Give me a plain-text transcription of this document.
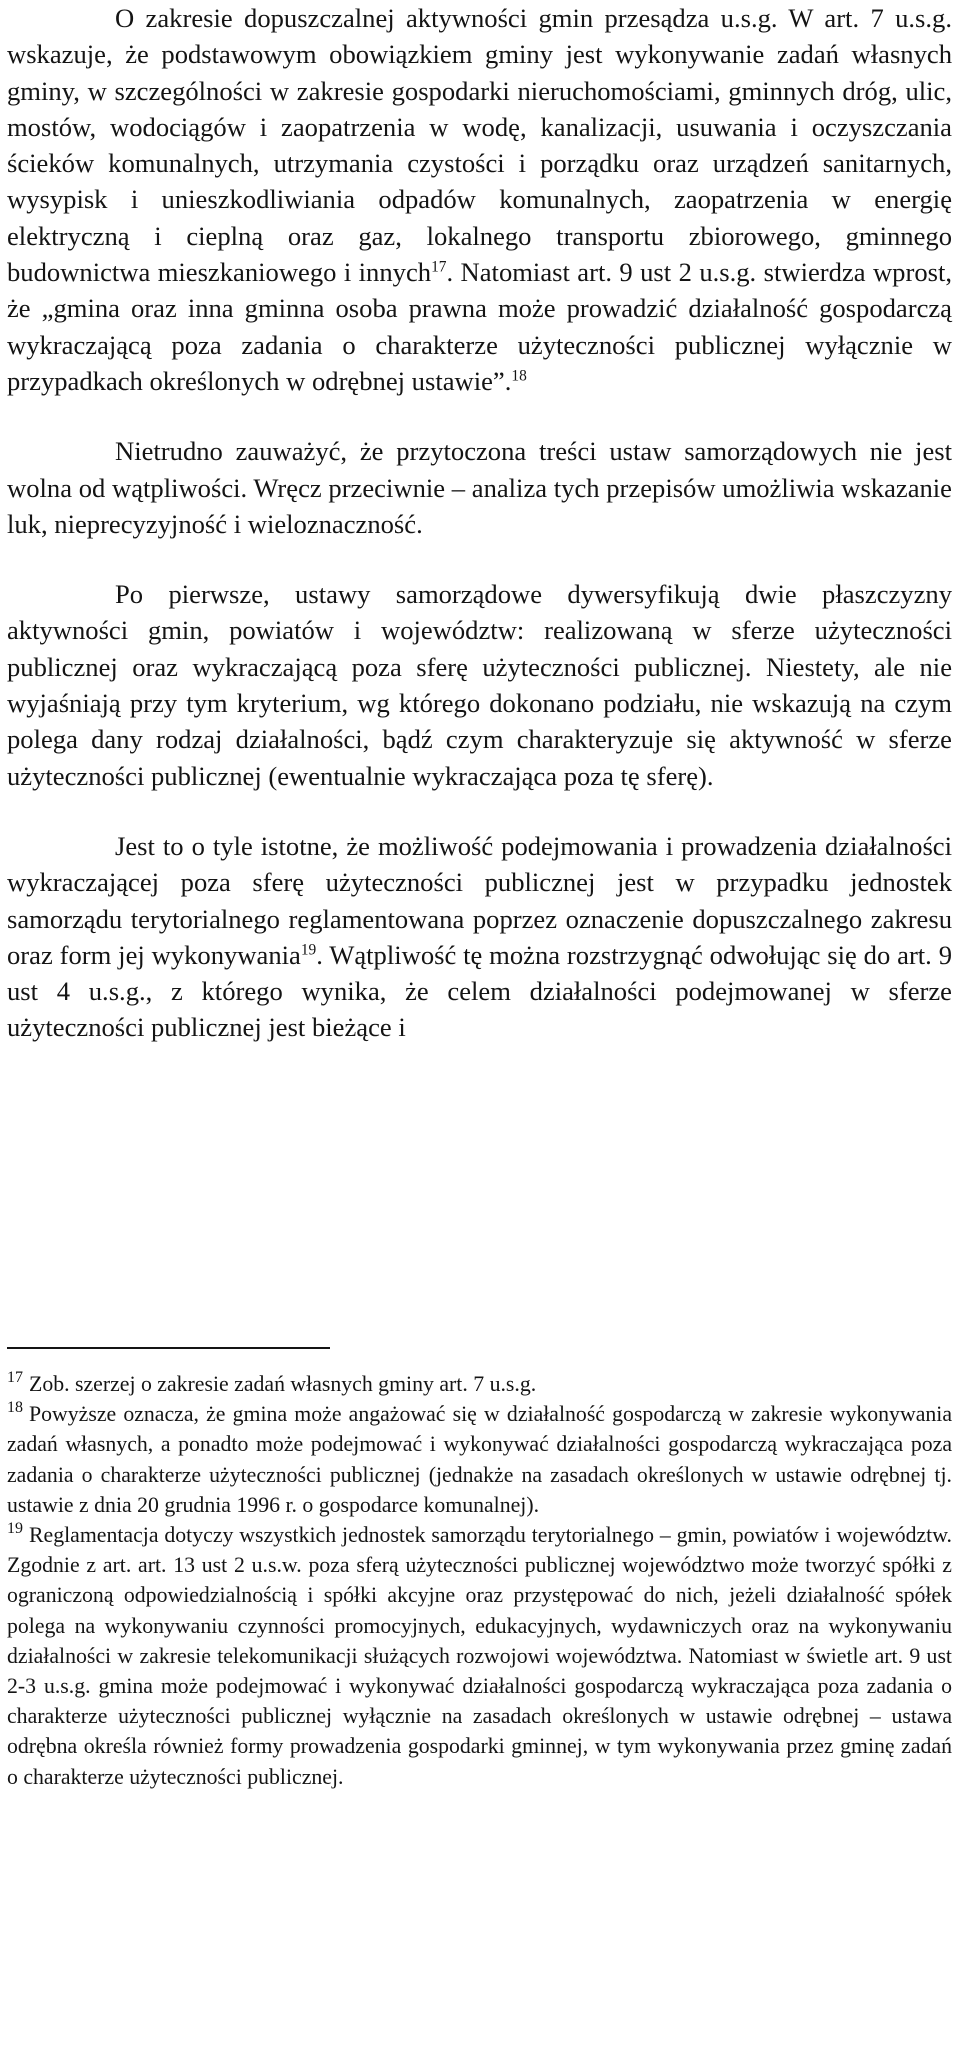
O zakresie dopuszczalnej aktywności gmin przesądza u.s.g. W art. 7 u.s.g. wskazuje, że podstawowym obowiązkiem gminy jest wykonywanie zadań własnych gminy, w szczególności w zakresie gospodarki nieruchomościami, gminnych dróg, ulic, mostów, wodociągów i zaopatrzenia w wodę, kanalizacji, usuwania i oczyszczania ścieków komunalnych, utrzymania czystości i porządku oraz urządzeń sanitarnych, wysypisk i unieszkodliwiania odpadów komunalnych, zaopatrzenia w energię elektryczną i cieplną oraz gaz, lokalnego transportu zbiorowego, gminnego budownictwa mieszkaniowego i innych$^{17}$. Natomiast art. 9 ust 2 u.s.g. stwierdza wprost, że „gmina oraz inna gminna osoba prawna może prowadzić działalność gospodarczą wykraczającą poza zadania o charakterze użyteczności publicznej wyłącznie w przypadkach określonych w odrębnej ustawie”.$^{18}$

Nietrudno zauważyć, że przytoczona treści ustaw samorządowych nie jest wolna od wątpliwości. Wręcz przeciwnie – analiza tych przepisów umożliwia wskazanie luk, nieprecyzyjność i wieloznaczność.

Po pierwsze, ustawy samorządowe dywersyfikują dwie płaszczyzny aktywności gmin, powiatów i województw: realizowaną w sferze użyteczności publicznej oraz wykraczającą poza sferę użyteczności publicznej. Niestety, ale nie wyjaśniają przy tym kryterium, wg którego dokonano podziału, nie wskazują na czym polega dany rodzaj działalności, bądź czym charakteryzuje się aktywność w sferze użyteczności publicznej (ewentualnie wykraczająca poza tę sferę).

Jest to o tyle istotne, że możliwość podejmowania i prowadzenia działalności wykraczającej poza sferę użyteczności publicznej jest w przypadku jednostek samorządu terytorialnego reglamentowana poprzez oznaczenie dopuszczalnego zakresu oraz form jej wykonywania$^{19}$. Wątpliwość tę można rozstrzygnąć odwołując się do art. 9 ust 4 u.s.g., z którego wynika, że celem działalności podejmowanej w sferze użyteczności publicznej jest bieżące i

$^{17}$ Zob. szerzej o zakresie zadań własnych gminy art. 7 u.s.g.

$^{18}$ Powyższe oznacza, że gmina może angażować się w działalność gospodarczą w zakresie wykonywania zadań własnych, a ponadto może podejmować i wykonywać działalności gospodarczą wykraczająca poza zadania o charakterze użyteczności publicznej (jednakże na zasadach określonych w ustawie odrębnej tj. ustawie z dnia 20 grudnia 1996 r. o gospodarce komunalnej).

$^{19}$ Reglamentacja dotyczy wszystkich jednostek samorządu terytorialnego – gmin, powiatów i województw. Zgodnie z art. art. 13 ust 2 u.s.w. poza sferą użyteczności publicznej województwo może tworzyć spółki z ograniczoną odpowiedzialnością i spółki akcyjne oraz przystępować do nich, jeżeli działalność spółek polega na wykonywaniu czynności promocyjnych, edukacyjnych, wydawniczych oraz na wykonywaniu działalności w zakresie telekomunikacji służących rozwojowi województwa. Natomiast w świetle art. 9 ust 2-3 u.s.g. gmina może podejmować i wykonywać działalności gospodarczą wykraczająca poza zadania o charakterze użyteczności publicznej wyłącznie na zasadach określonych w ustawie odrębnej – ustawa odrębna określa również formy prowadzenia gospodarki gminnej, w tym wykonywania przez gminę zadań o charakterze użyteczności publicznej.
